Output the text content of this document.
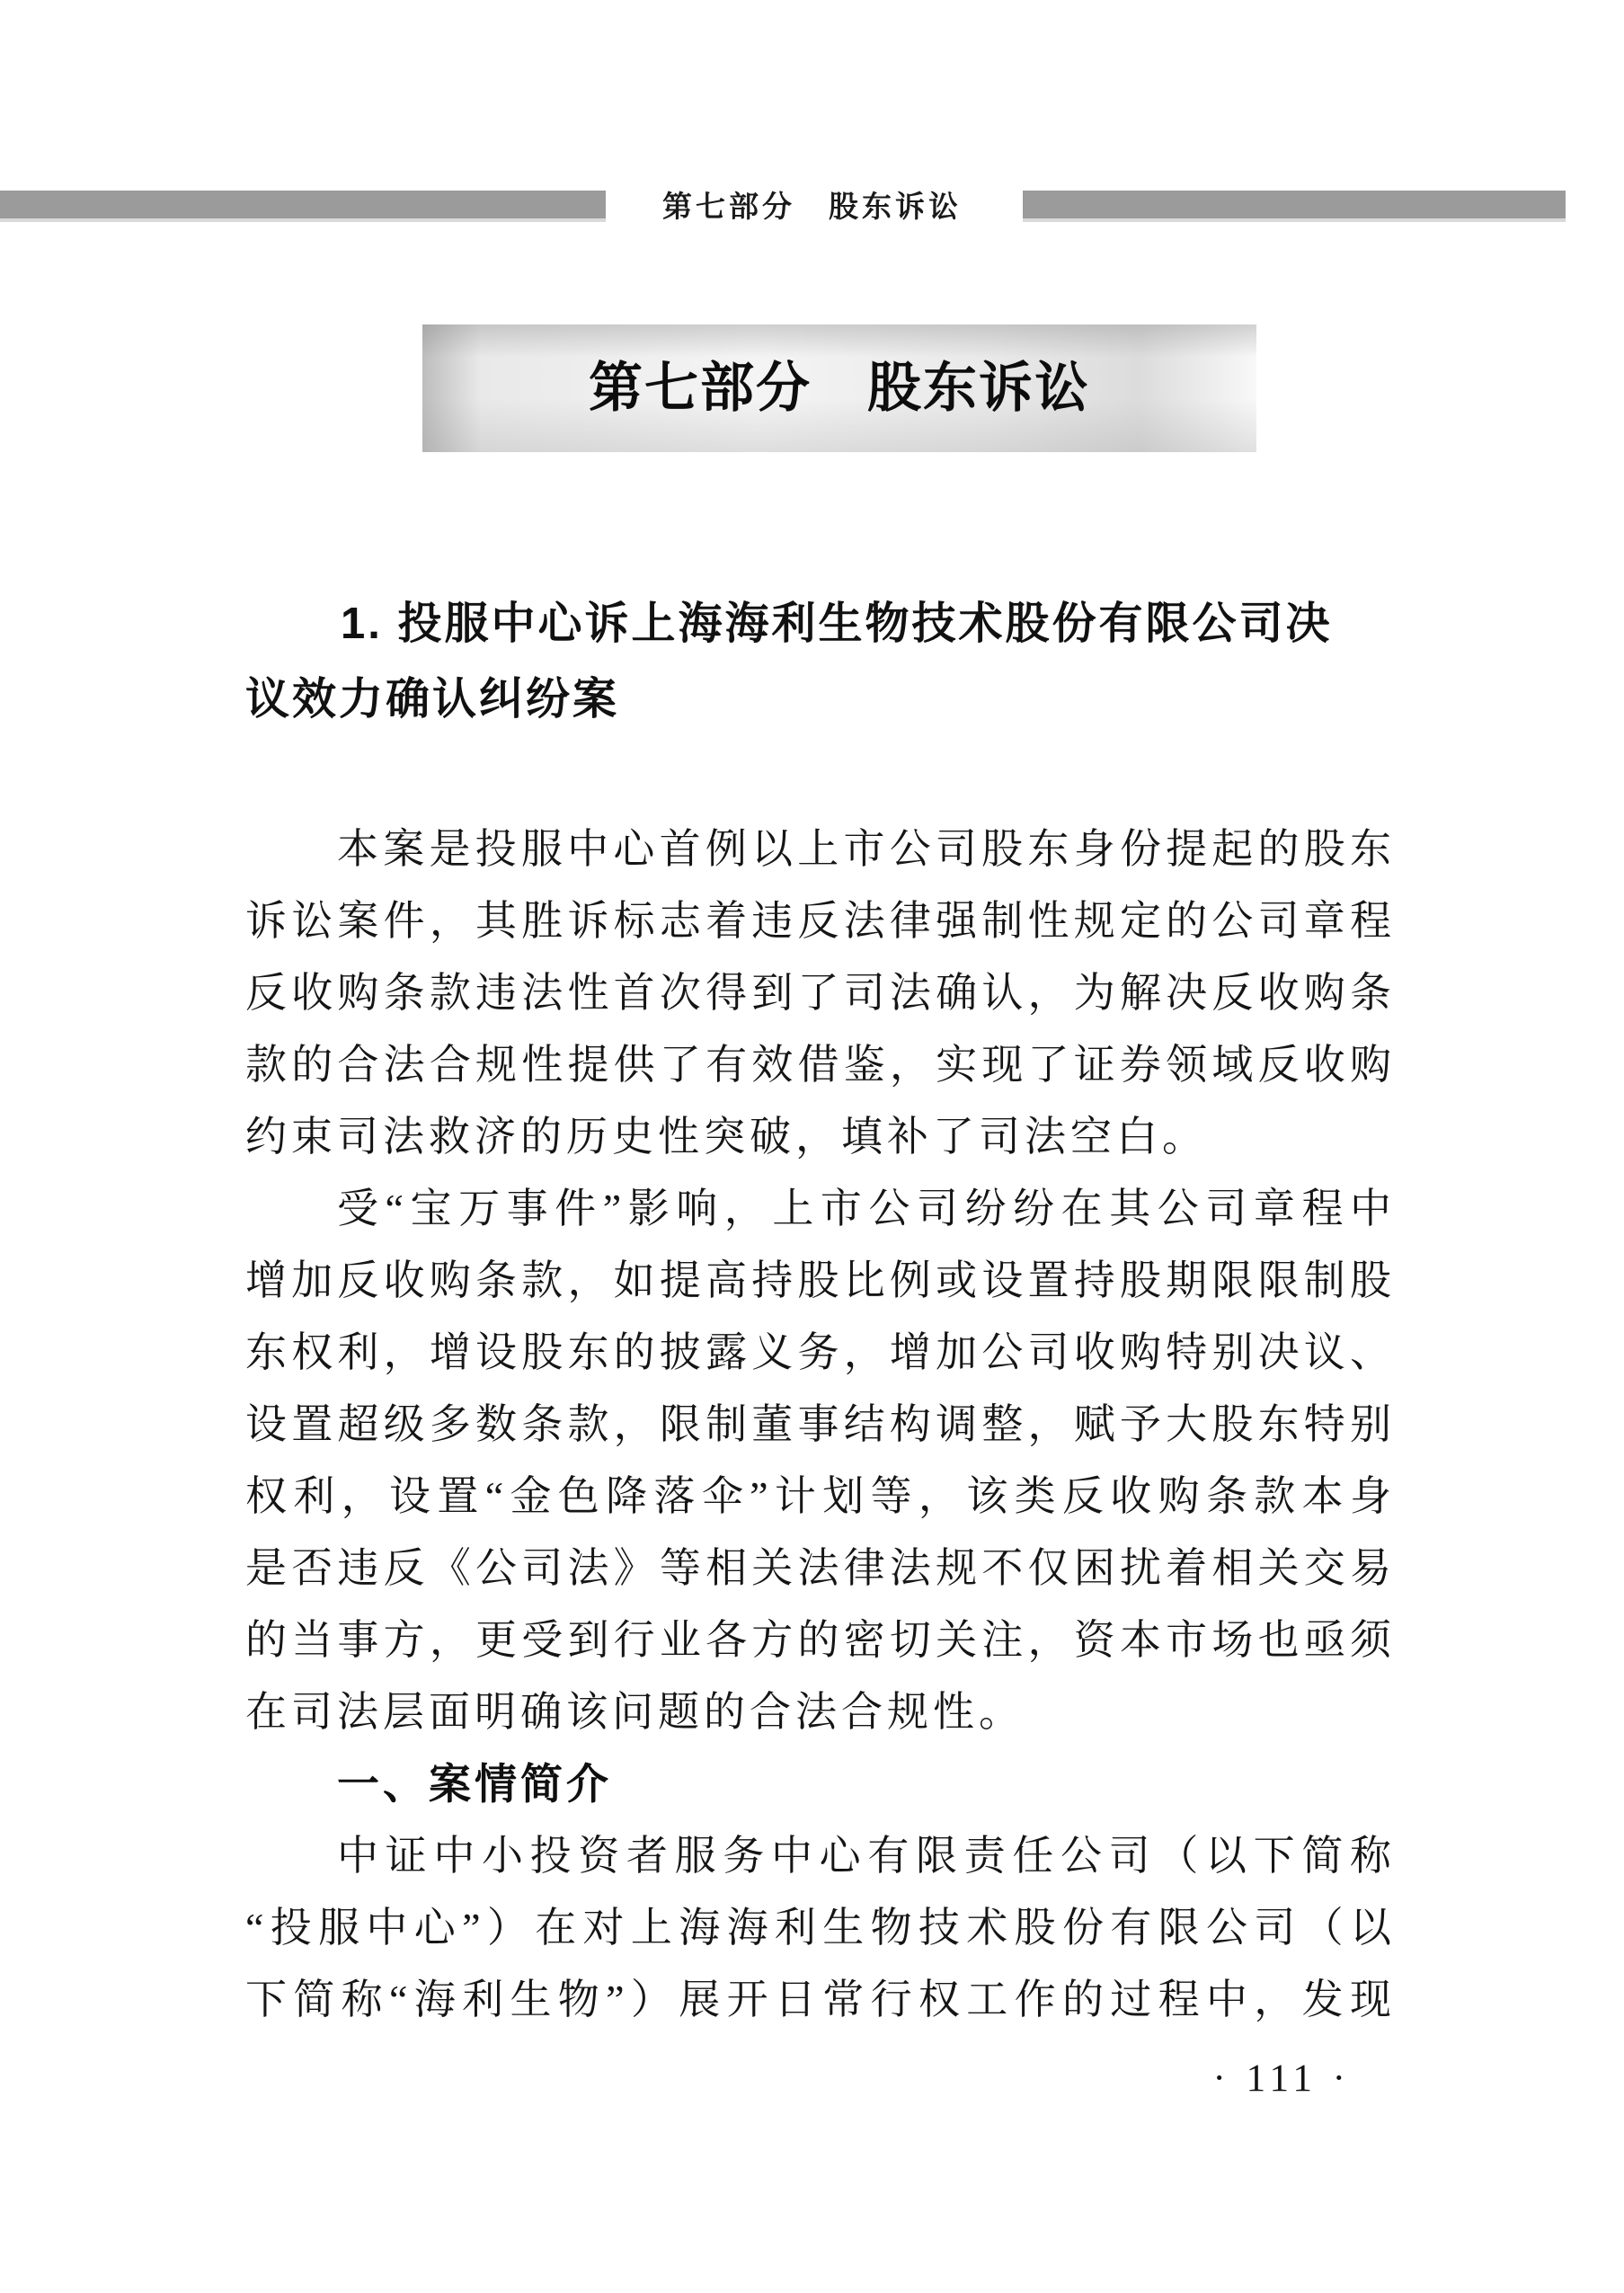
第七部分　股东诉讼
第七部分　股东诉讼
1. 投服中心诉上海海利生物技术股份有限公司决
议效力确认纠纷案
本案是投服中心首例以上市公司股东身份提起的股东
诉讼案件，其胜诉标志着违反法律强制性规定的公司章程
反收购条款违法性首次得到了司法确认，为解决反收购条
款的合法合规性提供了有效借鉴，实现了证券领域反收购
约束司法救济的历史性突破，填补了司法空白。
受“宝万事件”影响，上市公司纷纷在其公司章程中
增加反收购条款，如提高持股比例或设置持股期限限制股
东权利，增设股东的披露义务，增加公司收购特别决议、
设置超级多数条款，限制董事结构调整，赋予大股东特别
权利，设置“金色降落伞”计划等，该类反收购条款本身
是否违反《公司法》等相关法律法规不仅困扰着相关交易
的当事方，更受到行业各方的密切关注，资本市场也亟须
在司法层面明确该问题的合法合规性。
一、案情简介
中证中小投资者服务中心有限责任公司（以下简称
“投服中心”）在对上海海利生物技术股份有限公司（以
下简称“海利生物”）展开日常行权工作的过程中，发现
· 111 ·
